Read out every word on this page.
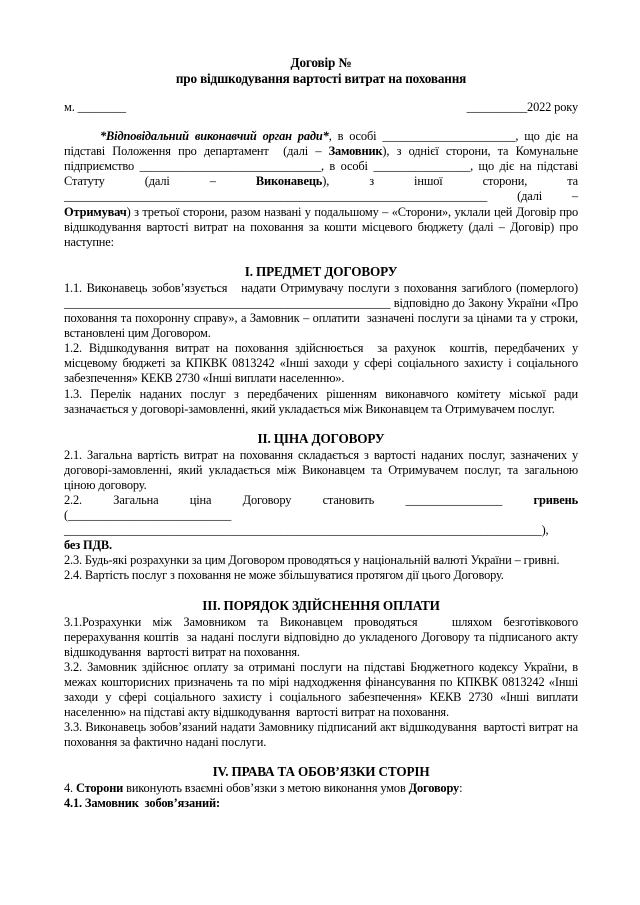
Договір №
про відшкодування вартості витрат на поховання
м. ________	__________2022 року
*Відповідальний виконавчий орган ради*, в особі ______________________, що діє на підставі Положення про департамент  (далі – Замовник), з однієї сторони, та Комунальне підприємство ______________________________, в особі ________________, що діє на підставі Статуту (далі – Виконавець), з іншої сторони, та ______________________________________________________________________ (далі – Отримувач) з третьої сторони, разом названі у подальшому – «Сторони», уклали цей Договір про відшкодування вартості витрат на поховання за кошти місцевого бюджету (далі – Договір) про наступне:
І. ПРЕДМЕТ ДОГОВОРУ
1.1. Виконавець зобов’язується   надати Отримувачу послуги з поховання загиблого (померлого) ______________________________________________________ відповідно до Закону України «Про поховання та похоронну справу», а Замовник – оплатити  зазначені послуги за цінами та у строки, встановлені цим Договором.
1.2. Відшкодування витрат на поховання здійснюється  за рахунок  коштів, передбачених у місцевому бюджеті за КПКВК 0813242 «Інші заходи у сфері соціального захисту і соціального забезпечення» КЕКВ 2730 «Інші виплати населенню».
1.3. Перелік наданих послуг з передбачених рішенням виконавчого комітету міської ради зазначається у договорі-замовленні, який укладається між Виконавцем та Отримувачем послуг.
ІІ. ЦІНА ДОГОВОРУ
2.1. Загальна вартість витрат на поховання складається з вартості наданих послуг, зазначених у договорі-замовленні, який укладається між Виконавцем та Отримувачем послуг, та загальною ціною договору.
2.2. Загальна ціна Договору становить ________________	гривень
(___________________________
_______________________________________________________________________________),
без ПДВ.
2.3. Будь-які розрахунки за цим Договором проводяться у національній валюті України – гривні.
2.4. Вартість послуг з поховання не може збільшуватися протягом дії цього Договору.
ІІІ. ПОРЯДОК ЗДІЙСНЕННЯ ОПЛАТИ
3.1.Розрахунки між Замовником та Виконавцем проводяться   шляхом безготівкового перерахування коштів  за надані послуги відповідно до укладеного Договору та підписаного акту відшкодування  вартості витрат на поховання.
3.2. Замовник здійснює оплату за отримані послуги на підставі Бюджетного кодексу України, в межах кошторисних призначень та по мірі надходження фінансування по КПКВК 0813242 «Інші заходи у сфері соціального захисту і соціального забезпечення» КЕКВ 2730 «Інші виплати населенню» на підставі акту відшкодування  вартості витрат на поховання.
3.3. Виконавець зобов’язаний надати Замовнику підписаний акт відшкодування  вартості витрат на поховання за фактично надані послуги.
IV. ПРАВА ТА ОБОВ’ЯЗКИ СТОРІН
4. Сторони виконують взаємні обов’язки з метою виконання умов Договору:
4.1. Замовник  зобов’язаний:
